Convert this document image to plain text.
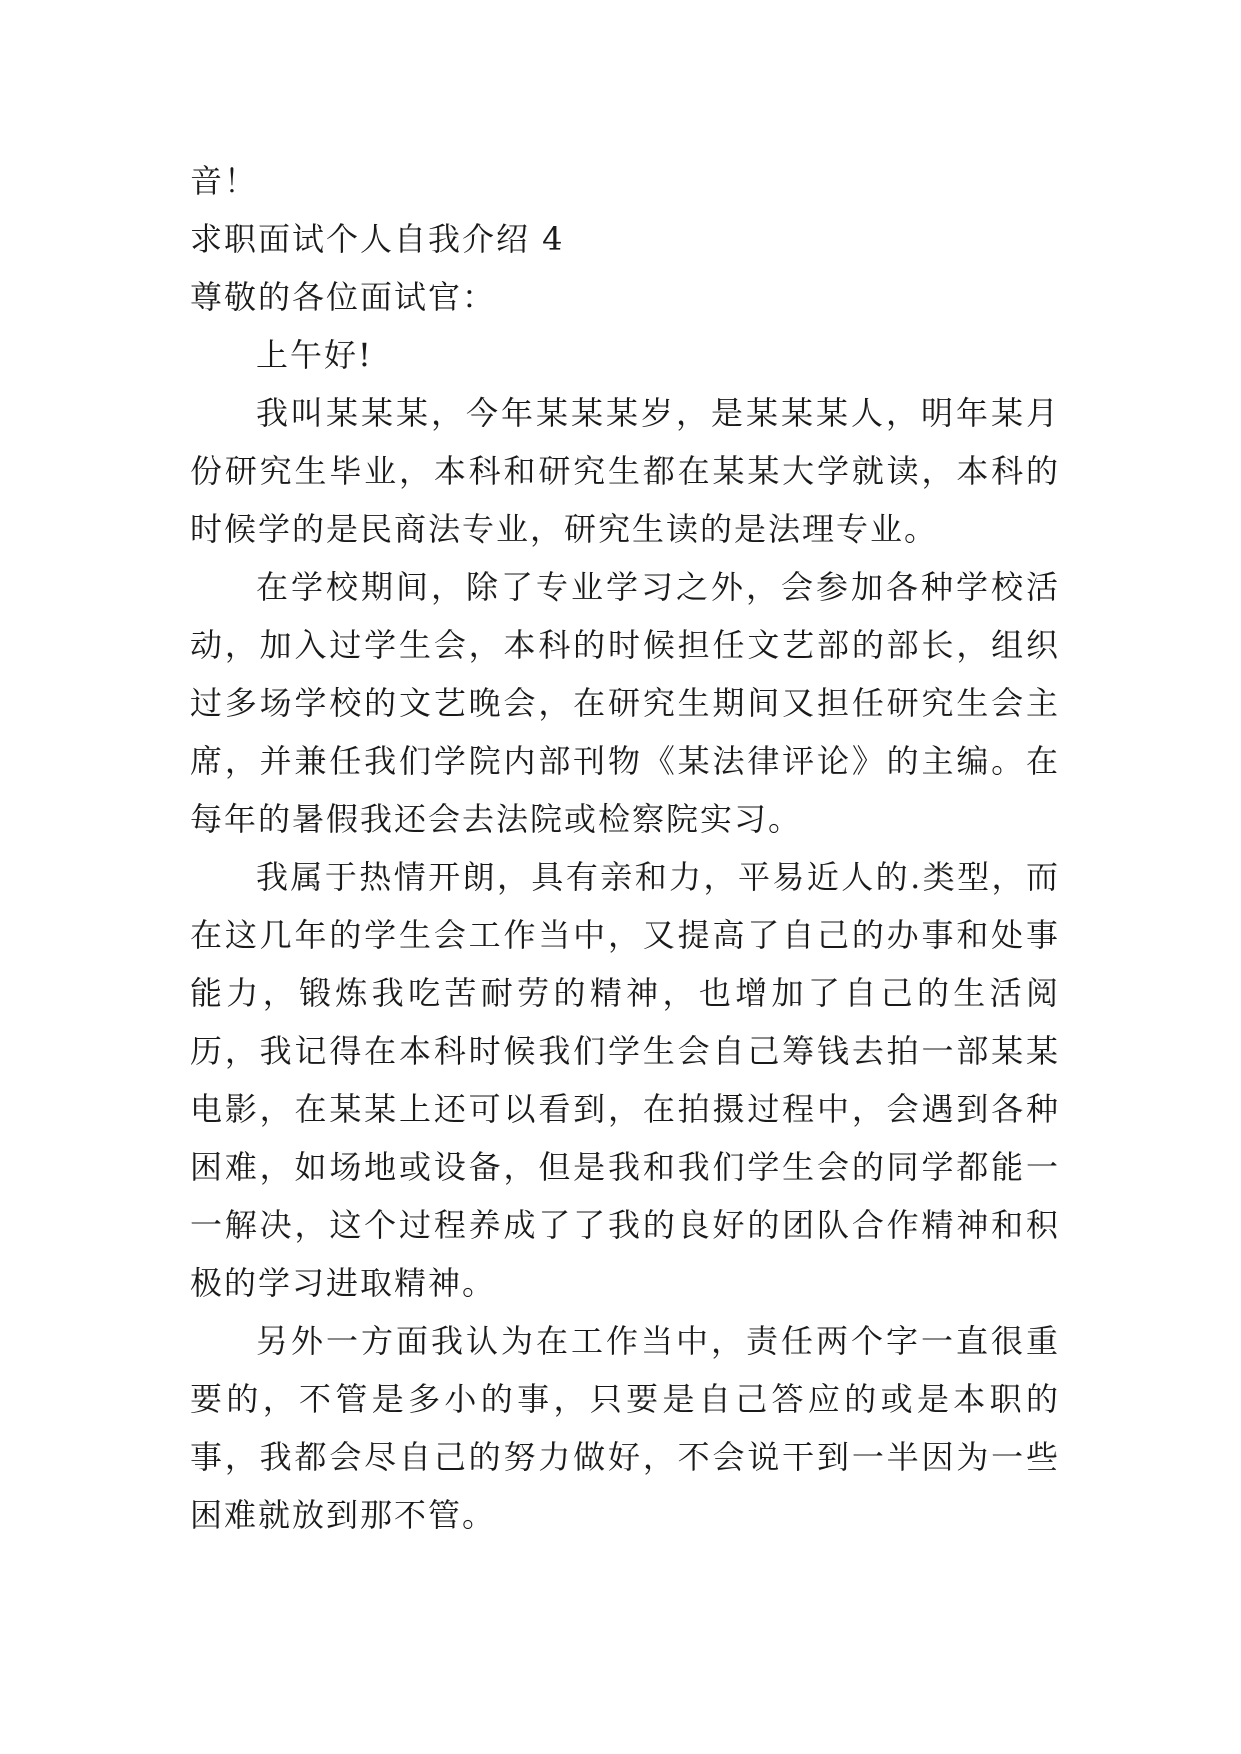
音！
求职面试个人自我介绍 4
尊敬的各位面试官：

上午好!

我叫某某某，今年某某某岁，是某某某人，明年某月份研究生毕业，本科和研究生都在某某大学就读，本科的时候学的是民商法专业，研究生读的是法理专业。

在学校期间，除了专业学习之外，会参加各种学校活动，加入过学生会，本科的时候担任文艺部的部长，组织过多场学校的文艺晚会，在研究生期间又担任研究生会主席，并兼任我们学院内部刊物《某法律评论》的主编。在每年的暑假我还会去法院或检察院实习。

我属于热情开朗，具有亲和力，平易近人的.类型，而在这几年的学生会工作当中，又提高了自己的办事和处事能力，锻炼我吃苦耐劳的精神，也增加了自己的生活阅历，我记得在本科时候我们学生会自己筹钱去拍一部某某电影，在某某上还可以看到，在拍摄过程中，会遇到各种困难，如场地或设备，但是我和我们学生会的同学都能一一解决，这个过程养成了了我的良好的团队合作精神和积极的学习进取精神。

另外一方面我认为在工作当中，责任两个字一直很重要的，不管是多小的事，只要是自己答应的或是本职的事，我都会尽自己的努力做好，不会说干到一半因为一些困难就放到那不管。
